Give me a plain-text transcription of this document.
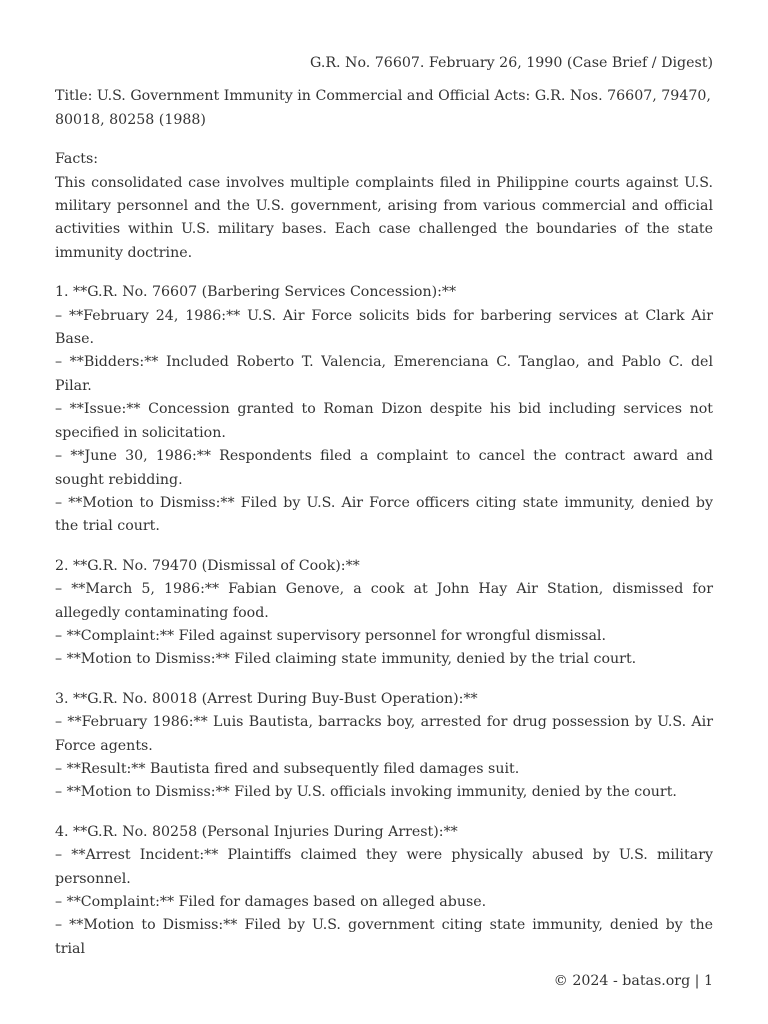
G.R. No. 76607. February 26, 1990 (Case Brief / Digest)

Title: U.S. Government Immunity in Commercial and Official Acts: G.R. Nos. 76607, 79470, 80018, 80258 (1988)

Facts:

This consolidated case involves multiple complaints filed in Philippine courts against U.S. military personnel and the U.S. government, arising from various commercial and official activities within U.S. military bases. Each case challenged the boundaries of the state immunity doctrine.

1. **G.R. No. 76607 (Barbering Services Concession):**

– **February 24, 1986:** U.S. Air Force solicits bids for barbering services at Clark Air Base.

– **Bidders:** Included Roberto T. Valencia, Emerenciana C. Tanglao, and Pablo C. del Pilar.

– **Issue:** Concession granted to Roman Dizon despite his bid including services not specified in solicitation.

– **June 30, 1986:** Respondents filed a complaint to cancel the contract award and sought rebidding.

– **Motion to Dismiss:** Filed by U.S. Air Force officers citing state immunity, denied by the trial court.

2. **G.R. No. 79470 (Dismissal of Cook):**

– **March 5, 1986:** Fabian Genove, a cook at John Hay Air Station, dismissed for allegedly contaminating food.

– **Complaint:** Filed against supervisory personnel for wrongful dismissal.

– **Motion to Dismiss:** Filed claiming state immunity, denied by the trial court.

3. **G.R. No. 80018 (Arrest During Buy-Bust Operation):**

– **February 1986:** Luis Bautista, barracks boy, arrested for drug possession by U.S. Air Force agents.

– **Result:** Bautista fired and subsequently filed damages suit.

– **Motion to Dismiss:** Filed by U.S. officials invoking immunity, denied by the court.

4. **G.R. No. 80258 (Personal Injuries During Arrest):**

– **Arrest Incident:** Plaintiffs claimed they were physically abused by U.S. military personnel.

– **Complaint:** Filed for damages based on alleged abuse.

– **Motion to Dismiss:** Filed by U.S. government citing state immunity, denied by the trial

© 2024 - batas.org | 1
